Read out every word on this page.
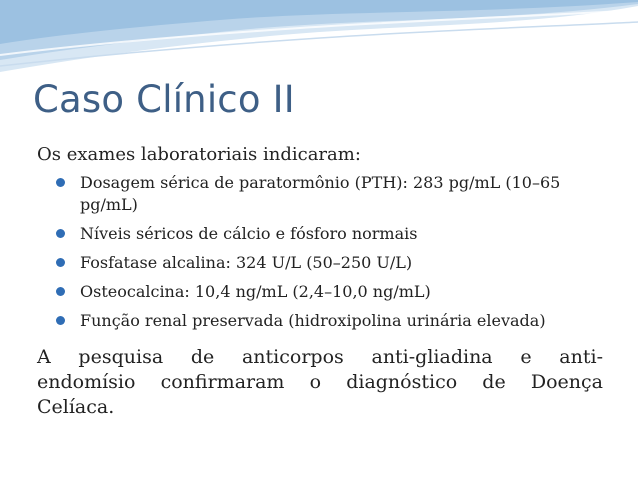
Caso Clínico II
Os exames laboratoriais indicaram:
Dosagem sérica de paratormônio (PTH): 283 pg/mL (10–65 pg/mL)
Níveis séricos de cálcio e fósforo normais
Fosfatase alcalina: 324 U/L (50–250 U/L)
Osteocalcina: 10,4 ng/mL (2,4–10,0 ng/mL)
Função renal preservada (hidroxipolina urinária elevada)
A pesquisa de anticorpos anti-gliadina e anti-endomísio confirmaram o diagnóstico de Doença Celíaca.
